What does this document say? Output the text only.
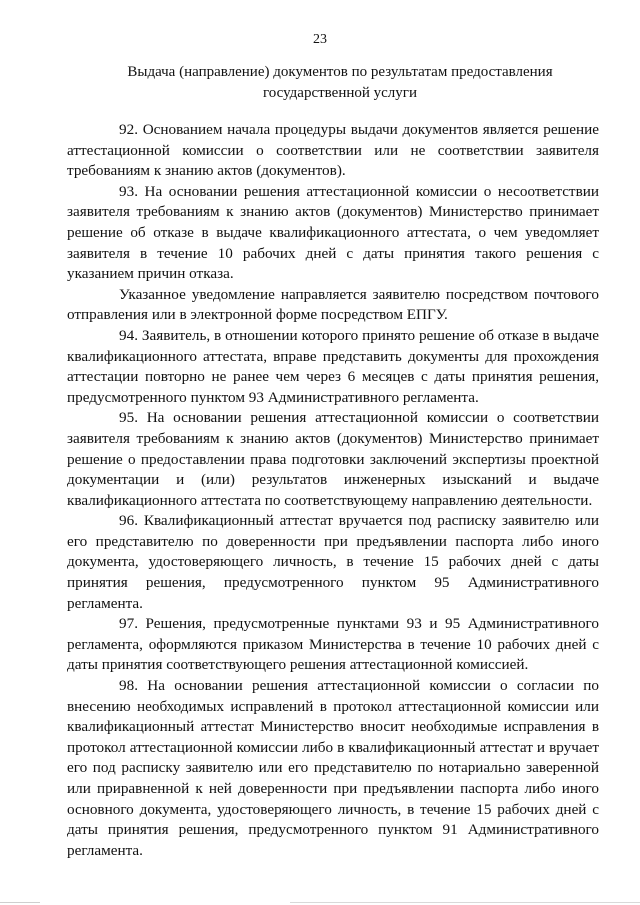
23
Выдача (направление) документов по результатам предоставления
государственной услуги

92. Основанием начала процедуры выдачи документов является решение аттестационной комиссии о соответствии или не соответствии заявителя требованиям к знанию актов (документов).

93. На основании решения аттестационной комиссии о несоответствии заявителя требованиям к знанию актов (документов) Министерство принимает решение об отказе в выдаче квалификационного аттестата, о чем уведомляет заявителя в течение 10 рабочих дней с даты принятия такого решения с указанием причин отказа.

Указанное уведомление направляется заявителю посредством почтового отправления или в электронной форме посредством ЕПГУ.

94. Заявитель, в отношении которого принято решение об отказе в выдаче квалификационного аттестата, вправе представить документы для прохождения аттестации повторно не ранее чем через 6 месяцев с даты принятия решения, предусмотренного пунктом 93 Административного регламента.

95. На основании решения аттестационной комиссии о соответствии заявителя требованиям к знанию актов (документов) Министерство принимает решение о предоставлении права подготовки заключений экспертизы проектной документации и (или) результатов инженерных изысканий и выдаче квалификационного аттестата по соответствующему направлению деятельности.

96. Квалификационный аттестат вручается под расписку заявителю или его представителю по доверенности при предъявлении паспорта либо иного документа, удостоверяющего личность, в течение 15 рабочих дней с даты принятия решения, предусмотренного пунктом 95 Административного регламента.

97. Решения, предусмотренные пунктами 93 и 95 Административного регламента, оформляются приказом Министерства в течение 10 рабочих дней с даты принятия соответствующего решения аттестационной комиссией.

98. На основании решения аттестационной комиссии о согласии по внесению необходимых исправлений в протокол аттестационной комиссии или квалификационный аттестат Министерство вносит необходимые исправления в протокол аттестационной комиссии либо в квалификационный аттестат и вручает его под расписку заявителю или его представителю по нотариально заверенной или приравненной к ней доверенности при предъявлении паспорта либо иного основного документа, удостоверяющего личность, в течение 15 рабочих дней с даты принятия решения, предусмотренного пунктом 91 Административного регламента.
